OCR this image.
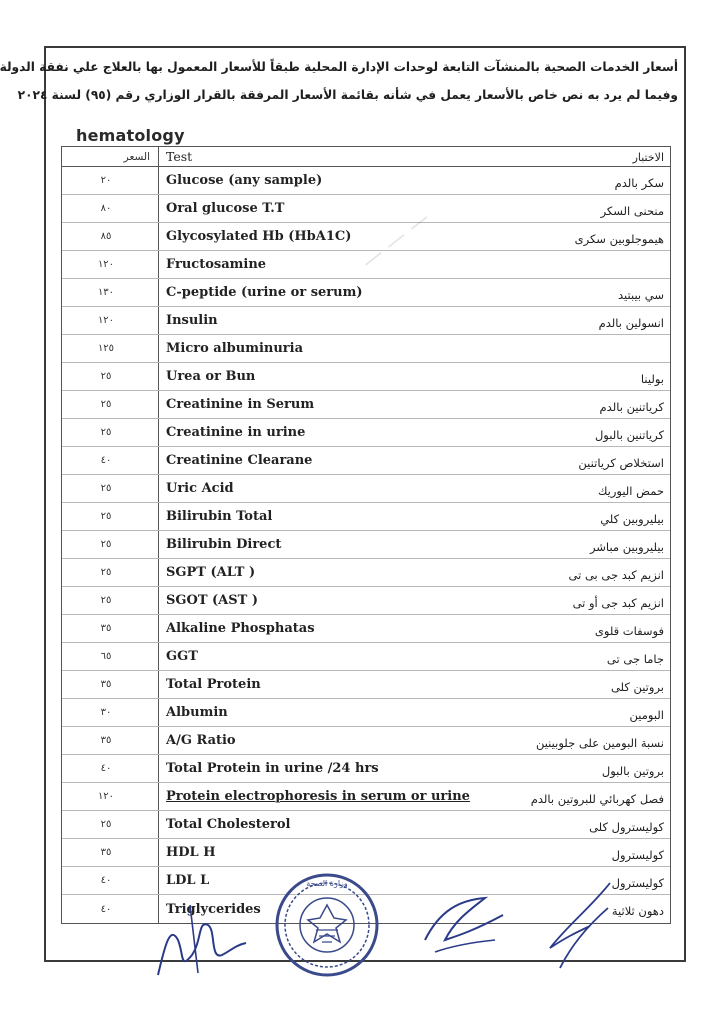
أسعار الخدمات الصحية بالمنشآت التابعة لوحدات الإدارة المحلية طبقاً للأسعار المعمول بها بالعلاج علي نفقة الدولة
وفيما لم يرد به نص خاص بالأسعار يعمل في شأنه بقائمة الأسعار المرفقة بالقرار الوزاري رقم (٩٥) لسنة ٢٠٢٤
hematology
السعر	Test	الاختبار
٢٠	Glucose (any sample)	سكر بالدم
٨٠	Oral glucose T.T	منحنى السكر
٨٥	Glycosylated Hb (HbA1C)	هيموجلوبين سكرى
١٢٠	Fructosamine
١٣٠	C-peptide (urine or serum)	سي بيبتيد
١٢٠	Insulin	انسولين بالدم
١٢٥	Micro albuminuria
٢٥	Urea or Bun	بولينا
٢٥	Creatinine in Serum	كرياتنين بالدم
٢٥	Creatinine in urine	كرياتنين بالبول
٤٠	Creatinine Clearane	استخلاص كرياتنين
٢٥	Uric Acid	حمض اليوريك
٢٥	Bilirubin Total	بيليروبين كلي
٢٥	Bilirubin Direct	بيليروبين مباشر
٢٥	SGPT (ALT )	انزيم كبد جى بى تى
٢٥	SGOT (AST )	انزيم كبد جى أو تى
٣٥	Alkaline Phosphatas	فوسفات قلوى
٦٥	GGT	جاما جى تى
٣٥	Total Protein	بروتين كلى
٣٠	Albumin	البومين
٣٥	A/G Ratio	نسبة البومين على جلوبينين
٤٠	Total Protein in urine /24 hrs	بروتين بالبول
١٢٠	Protein electrophoresis in serum or urine	فصل كهربائي للبروتين بالدم
٢٥	Total Cholesterol	كوليسترول كلى
٣٥	HDL H	كوليسترول
٤٠	LDL L	كوليسترول
٤٠	Triglycerides	دهون ثلاثية
— — —
وزارة الصحة
